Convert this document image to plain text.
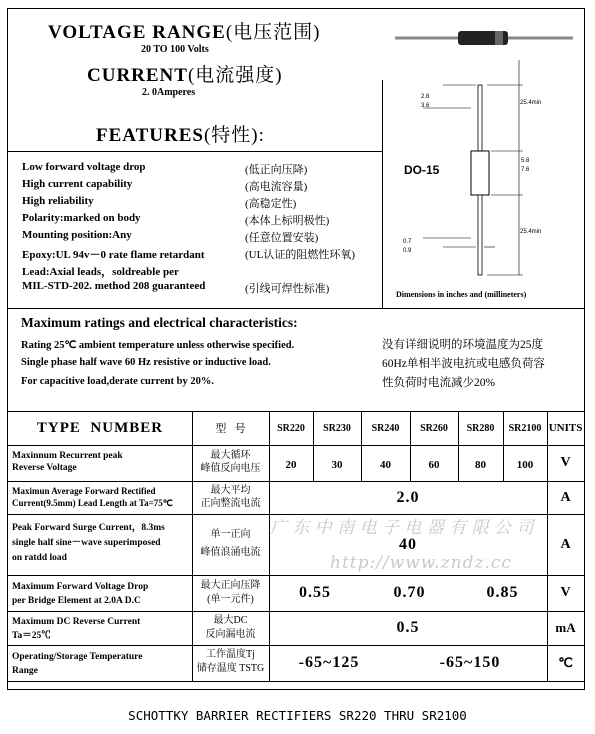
VOLTAGE RANGE(电压范围)
20 TO 100 Volts
CURRENT(电流强度)
2. 0Amperes
FEATURES(特性):
Low forward voltage drop	(低正向压降)
High current capability	(高电流容量)
High reliability	(高稳定性)
Polarity:marked on body	(本体上标明极性)
Mounting position:Any	(任意位置安装)
Epoxy:UL 94v－0 rate flame retardant	(UL认证的阻燃性环氧)
Lead:Axial leads，soldreable per
MIL-STD-202. method 208 guaranteed	(引线可焊性标准)
2.8
3.6	25.4min
DO-15
5.8
7.6
25.4min
0.7
0.9
Dimensions in inches and (millineters)
Maximum ratings and electrical characteristics:
Rating 25℃ ambient temperature unless otherwise specified.
Single phase half wave 60 Hz resistive or inductive load.
For capacitive load,derate current by 20%.
没有详细说明的环境温度为25度
60Hz单相半波电抗或电感负荷容
性负荷时电流减少20%
TYPE  NUMBER	型   号	SR220	SR230	SR240	SR260	SR280	SR2100 UNITS
Maxinnum Recurrent peak
Reverse Voltage
最大循环
峰值反向电压	20	30	40	60	80	100	V
Maximun Average Forward Rectified
Current(9.5mm) Lead Length at Ta=75℃
最大平均
正向整流电流	2.0	A
Peak Forward Surge Current，8.3ms
single half sine－wave superimposed
on ratdd load
单一正向
峰值浪涌电流	40	A
Maximum Forward Voltage Drop
per Bridge Element at 2.0A D.C
最大正向压降
(单一元件)	0.55	0.70	0.85	V
Maximum DC Reverse Current
Ta＝25℃
最大DC
反向漏电流	0.5	mA
Operating/Storage Temperature
Range
工作温度Tj
储存温度 TSTG	-65~125	-65~150	℃
广 东 中 南 电 子 电 器 有 限 公 司
http://www.zndz.cc
SCHOTTKY BARRIER RECTIFIERS SR220 THRU SR2100
